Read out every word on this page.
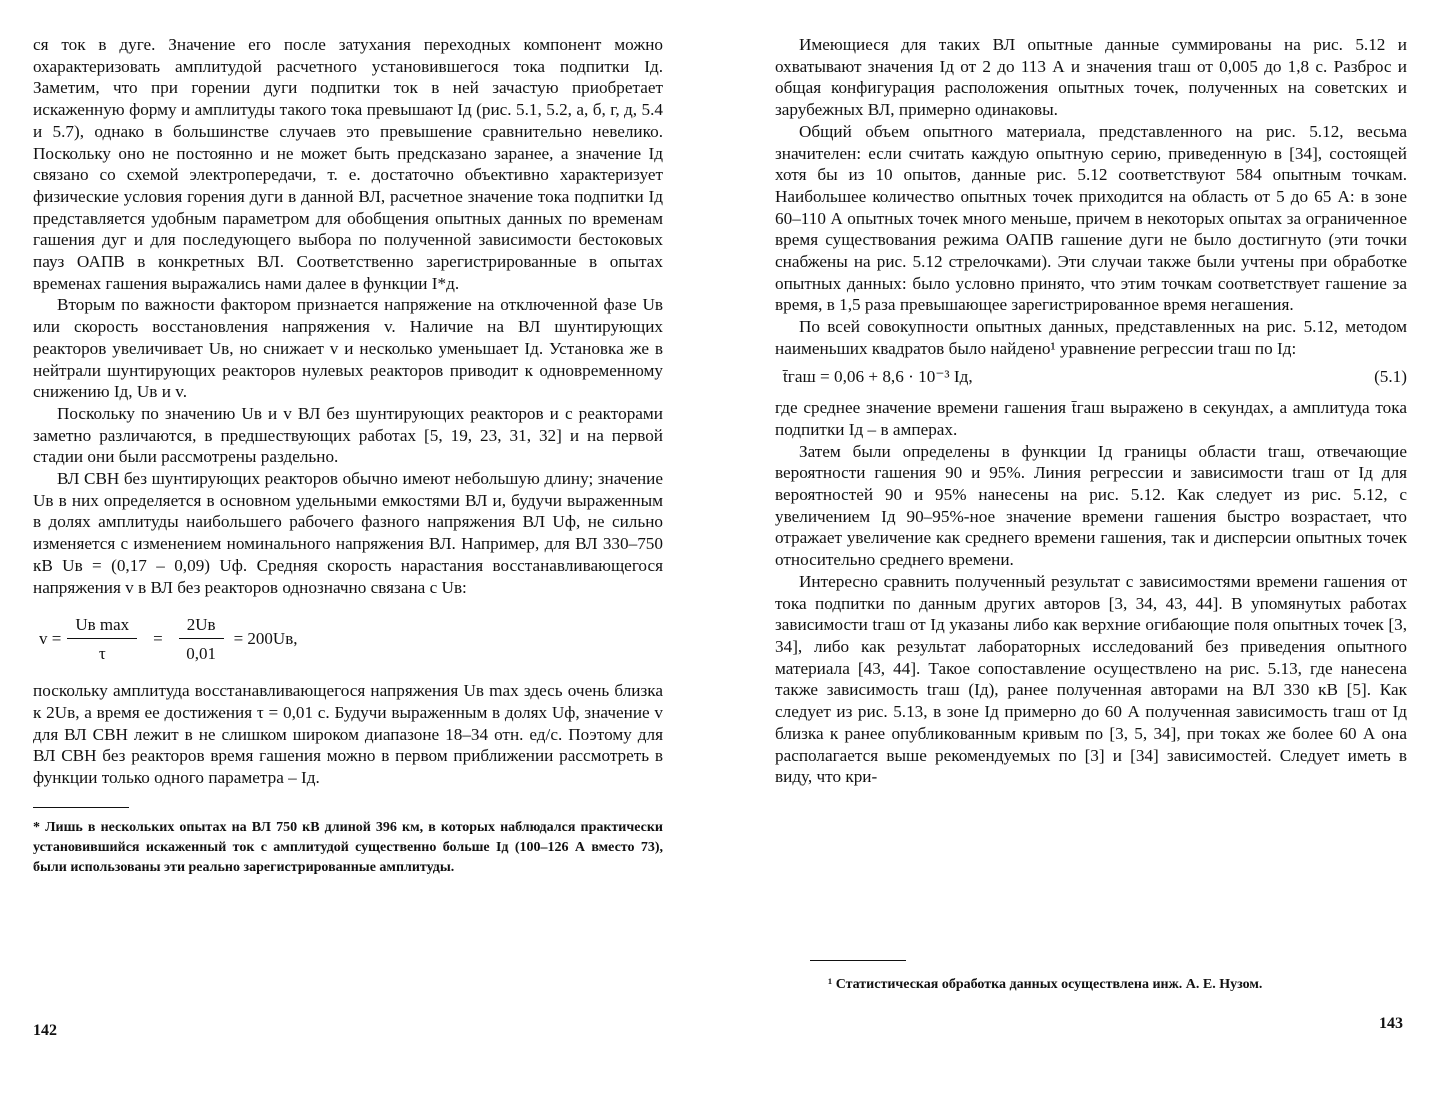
ся ток в дуге. Значение его после затухания переходных компонент можно охарактеризовать амплитудой расчетного установившегося тока подпитки Iд. Заметим, что при горении дуги подпитки ток в ней зачастую приобретает искаженную форму и амплитуды такого тока превышают Iд (рис. 5.1, 5.2, а, б, г, д, 5.4 и 5.7), однако в большинстве случаев это превышение сравнительно невелико. Поскольку оно не постоянно и не может быть предсказано заранее, а значение Iд связано со схемой электропередачи, т. е. достаточно объективно характеризует физические условия горения дуги в данной ВЛ, расчетное значение тока подпитки Iд представляется удобным параметром для обобщения опытных данных по временам гашения дуг и для последующего выбора по полученной зависимости бестоковых пауз ОАПВ в конкретных ВЛ. Соответственно зарегистрированные в опытах временах гашения выражались нами далее в функции I*д.

Вторым по важности фактором признается напряжение на отключенной фазе Uв или скорость восстановления напряжения v. Наличие на ВЛ шунтирующих реакторов увеличивает Uв, но снижает v и несколько уменьшает Iд. Установка же в нейтрали шунтирующих реакторов нулевых реакторов приводит к одновременному снижению Iд, Uв и v.

Поскольку по значению Uв и v ВЛ без шунтирующих реакторов и с реакторами заметно различаются, в предшествующих работах [5, 19, 23, 31, 32] и на первой стадии они были рассмотрены раздельно.

ВЛ СВН без шунтирующих реакторов обычно имеют небольшую длину; значение Uв в них определяется в основном удельными емкостями ВЛ и, будучи выраженным в долях амплитуды наибольшего рабочего фазного напряжения ВЛ Uф, не сильно изменяется с изменением номинального напряжения ВЛ. Например, для ВЛ 330–750 кВ Uв = (0,17 – 0,09) Uф. Средняя скорость нарастания восстанавливающегося напряжения v в ВЛ без реакторов однозначно связана с Uв:

$v = \frac{\text{Uв max}}{\tau} = \frac{2Uв}{0,01} = 200Uв$,

поскольку амплитуда восстанавливающегося напряжения Uв max здесь очень близка к 2Uв, а время ее достижения τ = 0,01 с. Будучи выраженным в долях Uф, значение v для ВЛ СВН лежит в не слишком широком диапазоне 18–34 отн. ед/с. Поэтому для ВЛ СВН без реакторов время гашения можно в первом приближении рассмотреть в функции только одного параметра – Iд.

* Лишь в нескольких опытах на ВЛ 750 кВ длиной 396 км, в которых наблюдался практически установившийся искаженный ток с амплитудой существенно больше Iд (100–126 А вместо 73), были использованы эти реально зарегистрированные амплитуды.

142

Имеющиеся для таких ВЛ опытные данные суммированы на рис. 5.12 и охватывают значения Iд от 2 до 113 А и значения tгаш от 0,005 до 1,8 с. Разброс и общая конфигурация расположения опытных точек, полученных на советских и зарубежных ВЛ, примерно одинаковы.

Общий объем опытного материала, представленного на рис. 5.12, весьма значителен: если считать каждую опытную серию, приведенную в [34], состоящей хотя бы из 10 опытов, данные рис. 5.12 соответствуют 584 опытным точкам. Наибольшее количество опытных точек приходится на область от 5 до 65 А: в зоне 60–110 А опытных точек много меньше, причем в некоторых опытах за ограниченное время существования режима ОАПВ гашение дуги не было достигнуто (эти точки снабжены на рис. 5.12 стрелочками). Эти случаи также были учтены при обработке опытных данных: было условно принято, что этим точкам соответствует гашение за время, в 1,5 раза превышающее зарегистрированное время негашения.

По всей совокупности опытных данных, представленных на рис. 5.12, методом наименьших квадратов было найдено¹ уравнение регрессии tгаш по Iд:

t̄гаш = 0,06 + 8,6 · 10⁻³ Iд,	(5.1)

где среднее значение времени гашения t̄гаш выражено в секундах, а амплитуда тока подпитки Iд – в амперах.

Затем были определены в функции Iд границы области tгаш, отвечающие вероятности гашения 90 и 95%. Линия регрессии и зависимости tгаш от Iд для вероятностей 90 и 95% нанесены на рис. 5.12. Как следует из рис. 5.12, с увеличением Iд 90–95%-ное значение времени гашения быстро возрастает, что отражает увеличение как среднего времени гашения, так и дисперсии опытных точек относительно среднего времени.

Интересно сравнить полученный результат с зависимостями времени гашения от тока подпитки по данным других авторов [3, 34, 43, 44]. В упомянутых работах зависимости tгаш от Iд указаны либо как верхние огибающие поля опытных точек [3, 34], либо как результат лабораторных исследований без приведения опытного материала [43, 44]. Такое сопоставление осуществлено на рис. 5.13, где нанесена также зависимость tгаш (Iд), ранее полученная авторами на ВЛ 330 кВ [5]. Как следует из рис. 5.13, в зоне Iд примерно до 60 А полученная зависимость tгаш от Iд близка к ранее опубликованным кривым по [3, 5, 34], при токах же более 60 А она располагается выше рекомендуемых по [3] и [34] зависимостей. Следует иметь в виду, что кри-

¹ Статистическая обработка данных осуществлена инж. А. Е. Нузом.

143
